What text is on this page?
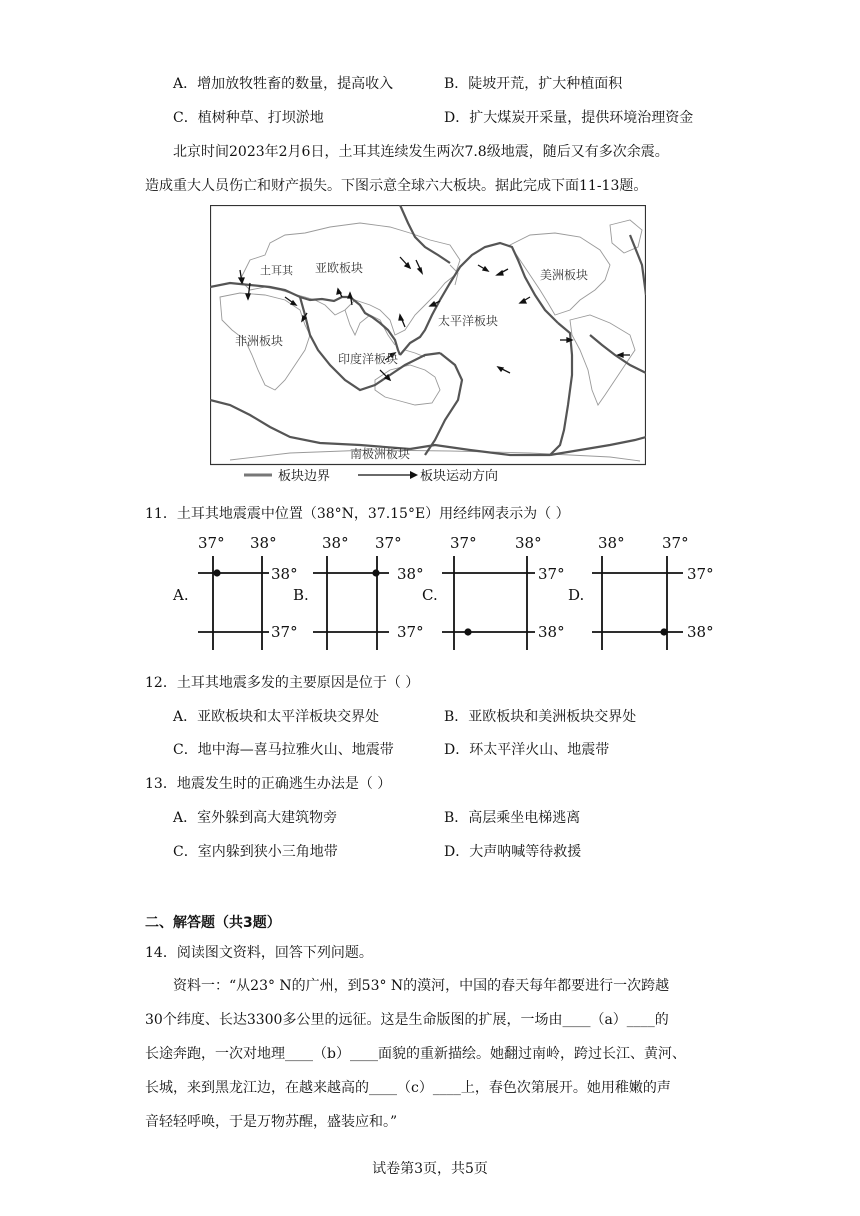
A．增加放牧牲畜的数量，提高收入	B．陡坡开荒，扩大种植面积
C．植树种草、打坝淤地	D．扩大煤炭开采量，提供环境治理资金
北京时间2023年2月6日，土耳其连续发生两次7.8级地震，随后又有多次余震。
造成重大人员伤亡和财产损失。下图示意全球六大板块。据此完成下面11-13题。
土耳其 亚欧板块	美洲板块
太平洋板块
非洲板块
印度洋板块
南极洲板块
板块边界	板块运动方向
11．土耳其地震震中位置（38°N，37.15°E）用经纬网表示为（ ）
A.
37° 38°
38°
37°
B.
38° 37°
38°
37°
C.
37°	38°
37°
38°
D.
38° 37°
37°
38°
12．土耳其地震多发的主要原因是位于（ ）
A．亚欧板块和太平洋板块交界处	B．亚欧板块和美洲板块交界处
C．地中海—喜马拉雅火山、地震带	D．环太平洋火山、地震带
13．地震发生时的正确逃生办法是（ ）
A．室外躲到高大建筑物旁	B．高层乘坐电梯逃离
C．室内躲到狭小三角地带	D．大声呐喊等待救援
二、解答题（共3题）
14．阅读图文资料，回答下列问题。
资料一：“从23° N的广州，到53° N的漠河，中国的春天每年都要进行一次跨越
30个纬度、长达3300多公里的远征。这是生命版图的扩展，一场由____（a）____的
长途奔跑，一次对地理____（b）____面貌的重新描绘。她翻过南岭，跨过长江、黄河、
长城，来到黑龙江边，在越来越高的____（c）____上，春色次第展开。她用稚嫩的声
音轻轻呼唤，于是万物苏醒，盛装应和。”
试卷第3页，共5页
